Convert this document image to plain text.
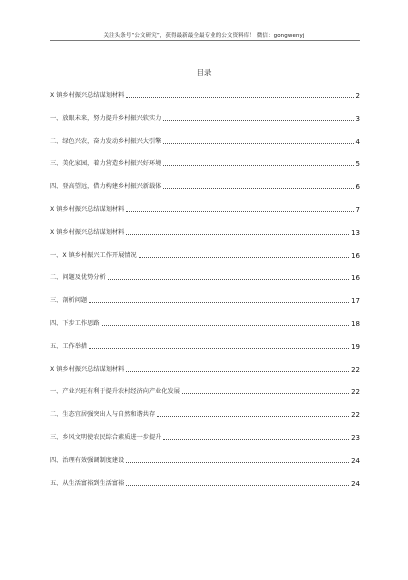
关注头条号“公文研究”，获得最新最全最专业的公文资料库！ 微信：gongwenyj
目录
X 镇乡村振兴总结谋划材料	2
一、放眼未来，努力提升乡村振兴软实力	3
二、绿色兴农，奋力发动乡村振兴大引擎	4
三、美化家园，着力营造乡村振兴好环境	5
四、登高望远，借力构建乡村振兴新载体	6
X 镇乡村振兴总结谋划材料	7
X 镇乡村振兴总结谋划材料	13
一、X 镇乡村振兴工作开展情况	16
二、问题及优势分析	16
三、剖析问题	17
四、下步工作思路	18
五、工作举措	19
X 镇乡村振兴总结谋划材料	22
一、产业兴旺有利于提升农村经济向产业化发展	22
二、生态宜居强突出人与自然和谐共存	22
三、乡风文明使农民综合素质进一步提升	23
四、治理有效强调制度建设	24
五、从生活富裕到生活富裕	24
